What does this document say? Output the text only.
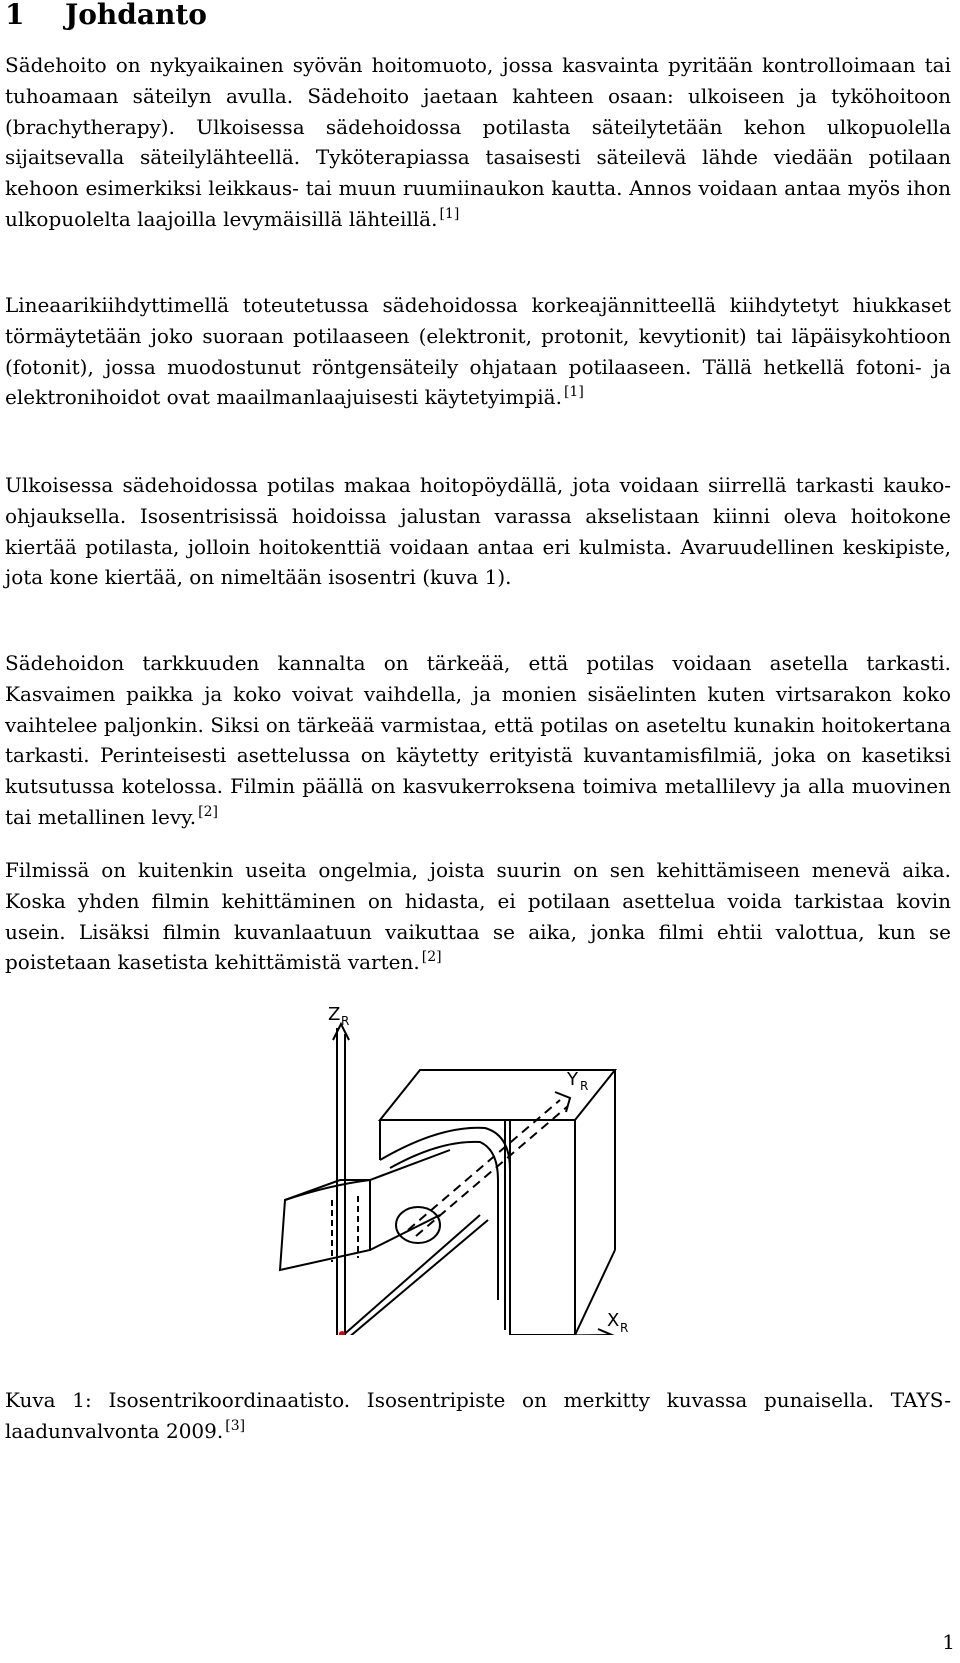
1 Johdanto

Sädehoito on nykyaikainen syövän hoitomuoto, jossa kasvainta pyritään kontrolloimaan tai tuhoamaan säteilyn avulla. Sädehoito jaetaan kahteen osaan: ulkoiseen ja tyköhoitoon (brachytherapy). Ulkoisessa sädehoidossa potilasta säteilytetään kehon ulkopuolella sijaitsevalla säteilylähteellä. Tyköterapiassa tasaisesti säteilevä lähde viedään potilaan kehoon esimerkiksi leikkaus- tai muun ruumiinaukon kautta. Annos voidaan antaa myös ihon ulkopuolelta laajoilla levymäisillä lähteillä. [1]

Lineaarikiihdyttimellä toteutetussa sädehoidossa korkeajännitteellä kiihdytetyt hiukkaset törmäytetään joko suoraan potilaaseen (elektronit, protonit, kevytionit) tai läpäisykohtioon (fotonit), jossa muodostunut röntgensäteily ohjataan potilaaseen. Tällä hetkellä fotoni- ja elektronihoidot ovat maailmanlaajuisesti käytetyimpiä. [1]

Ulkoisessa sädehoidossa potilas makaa hoitopöydällä, jota voidaan siirrellä tarkasti kauko-ohjauksella. Isosentrisissä hoidoissa jalustan varassa akselistaan kiinni oleva hoitokone kiertää potilasta, jolloin hoitokenttiä voidaan antaa eri kulmista. Avaruudellinen keskipiste, jota kone kiertää, on nimeltään isosentri (kuva 1).

Sädehoidon tarkkuuden kannalta on tärkeää, että potilas voidaan asetella tarkasti. Kasvaimen paikka ja koko voivat vaihdella, ja monien sisäelinten kuten virtsarakon koko vaihtelee paljonkin. Siksi on tärkeää varmistaa, että potilas on aseteltu kunakin hoitokertana tarkasti. Perinteisesti asettelussa on käytetty erityistä kuvantamisfilmiä, joka on kasetiksi kutsutussa kotelossa. Filmin päällä on kasvukerroksena toimiva metallilevy ja alla muovinen tai metallinen levy. [2]

Filmissä on kuitenkin useita ongelmia, joista suurin on sen kehittämiseen menevä aika. Koska yhden filmin kehittäminen on hidasta, ei potilaan asettelua voida tarkistaa kovin usein. Lisäksi filmin kuvanlaatuun vaikuttaa se aika, jonka filmi ehtii valottua, kun se poistetaan kasetista kehittämistä varten. [2]

Z R
Y R
X R

Kuva 1: Isosentrikoordinaatisto. Isosentripiste on merkitty kuvassa punaisella. TAYS-laadunvalvonta 2009. [3]

1
